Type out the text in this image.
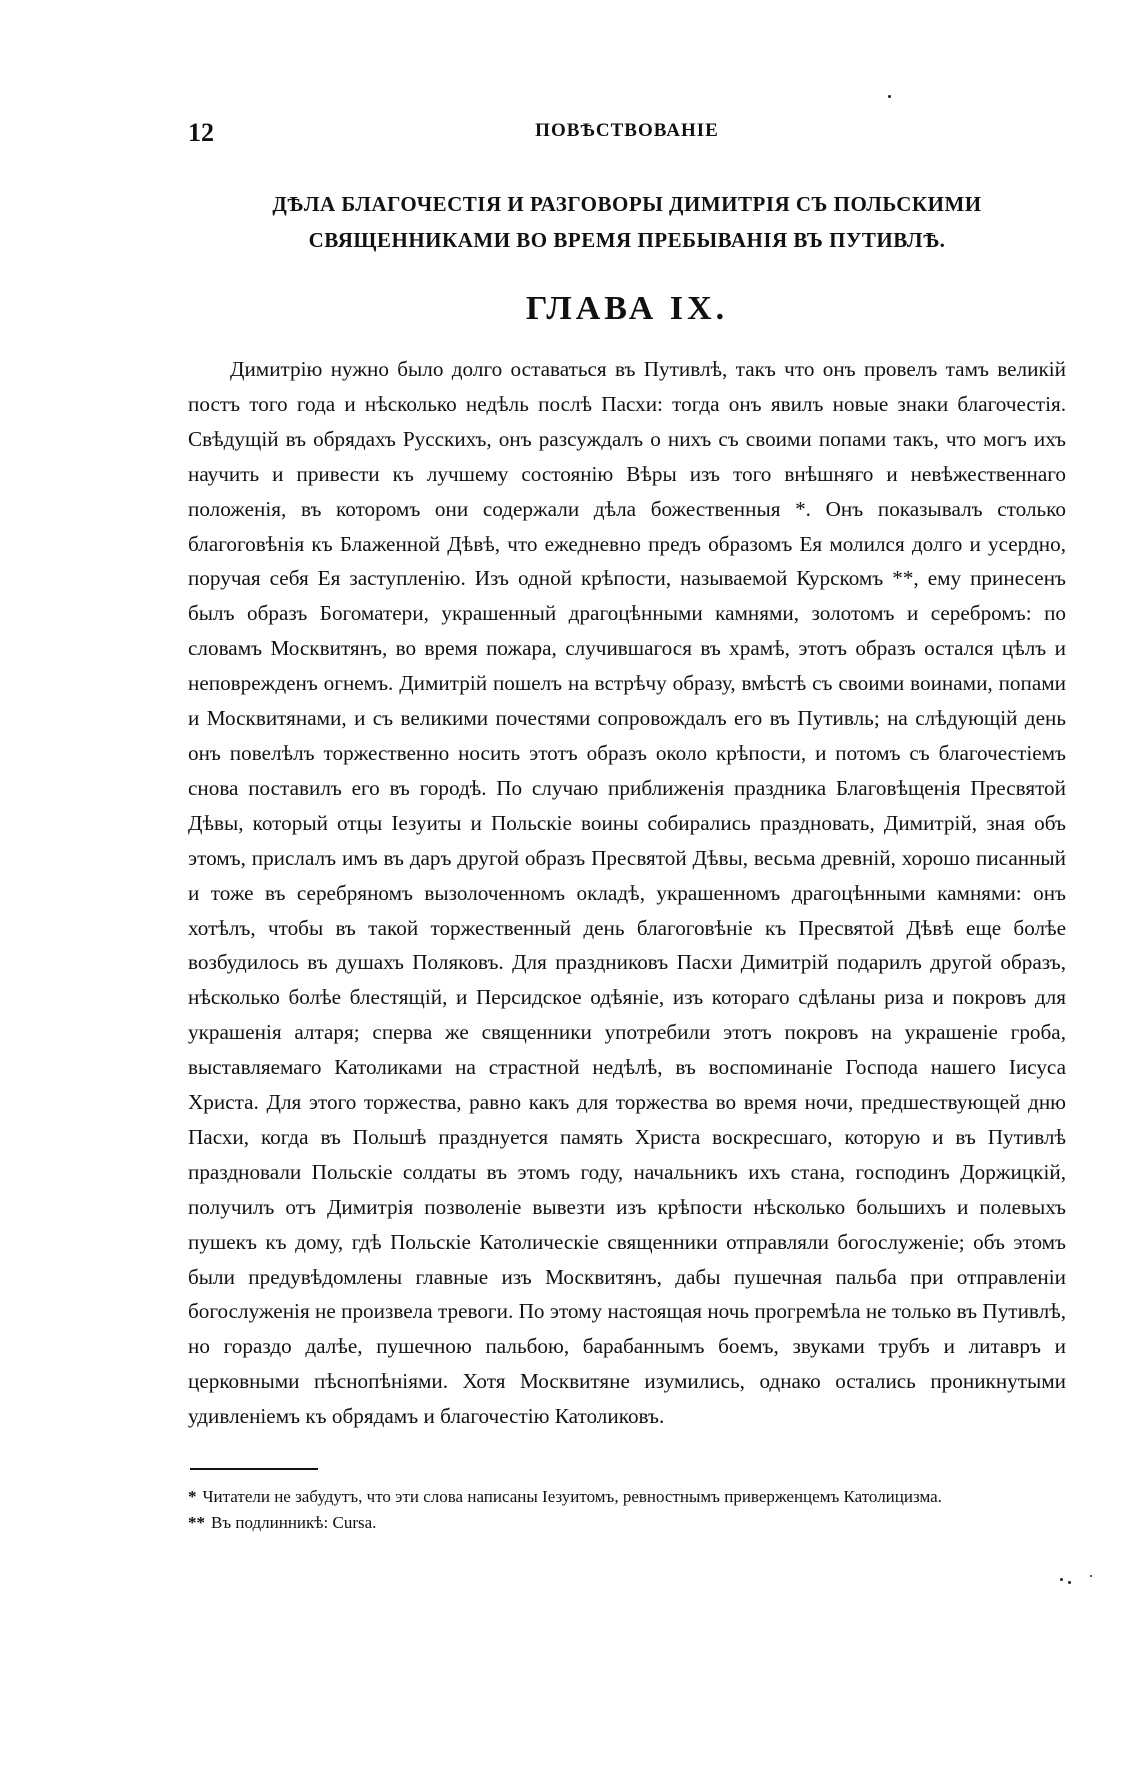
12	ПОВѢСТВОВАНІЕ
ДѢЛА БЛАГОЧЕСТІЯ И РАЗГОВОРЫ ДИМИТРІЯ СЪ ПОЛЬСКИМИ СВЯЩЕННИКАМИ ВО ВРЕМЯ ПРЕБЫВАНІЯ ВЪ ПУТИВЛѢ.
ГЛАВА IX.

Димитрію нужно было долго оставаться въ Путивлѣ, такъ что онъ провелъ тамъ великій постъ того года и нѣсколько недѣль послѣ Пасхи: тогда онъ явилъ новые знаки благочестія. Свѣдущій въ обрядахъ Русскихъ, онъ разсуждалъ о нихъ съ своими попами такъ, что могъ ихъ научить и привести къ лучшему состоянію Вѣры изъ того внѣшняго и невѣжественнаго положенія, въ которомъ они содержали дѣла божественныя *. Онъ показывалъ столько благоговѣнія къ Блаженной Дѣвѣ, что ежедневно предъ образомъ Ея молился долго и усердно, поручая себя Ея заступленію. Изъ одной крѣпости, называемой Курскомъ **, ему принесенъ былъ образъ Богоматери, украшенный драгоцѣнными камнями, золотомъ и серебромъ: по словамъ Москвитянъ, во время пожара, случившагося въ храмѣ, этотъ образъ остался цѣлъ и неповрежденъ огнемъ. Димитрій пошелъ на встрѣчу образу, вмѣстѣ съ своими воинами, попами и Москвитянами, и съ великими почестями сопровождалъ его въ Путивль; на слѣдующій день онъ повелѣлъ торжественно носить этотъ образъ около крѣпости, и потомъ съ благочестіемъ снова поставилъ его въ городѣ. По случаю приближенія праздника Благовѣщенія Пресвятой Дѣвы, который отцы Іезуиты и Польскіе воины собирались праздновать, Димитрій, зная объ этомъ, прислалъ имъ въ даръ другой образъ Пресвятой Дѣвы, весьма древній, хорошо писанный и тоже въ серебряномъ вызолоченномъ окладѣ, украшенномъ драгоцѣнными камнями: онъ хотѣлъ, чтобы въ такой торжественный день благоговѣніе къ Пресвятой Дѣвѣ еще болѣе возбудилось въ душахъ Поляковъ. Для праздниковъ Пасхи Димитрій подарилъ другой образъ, нѣсколько болѣе блестящій, и Персидское одѣяніе, изъ котораго сдѣланы риза и покровъ для украшенія алтаря; сперва же священники употребили этотъ покровъ на украшеніе гроба, выставляемаго Католиками на страстной недѣлѣ, въ воспоминаніе Господа нашего Іисуса Христа. Для этого торжества, равно какъ для торжества во время ночи, предшествующей дню Пасхи, когда въ Польшѣ празднуется память Христа воскресшаго, которую и въ Путивлѣ праздновали Польскіе солдаты въ этомъ году, начальникъ ихъ стана, господинъ Доржицкій, получилъ отъ Димитрія позволеніе вывезти изъ крѣпости нѣсколько большихъ и полевыхъ пушекъ къ дому, гдѣ Польскіе Католическіе священники отправляли богослуженіе; объ этомъ были предувѣдомлены главные изъ Москвитянъ, дабы пушечная пальба при отправленіи богослуженія не произвела тревоги. По этому настоящая ночь прогремѣла не только въ Путивлѣ, но гораздо далѣе, пушечною пальбою, барабаннымъ боемъ, звуками трубъ и литавръ и церковными пѣснопѣніями. Хотя Москвитяне изумились, однако остались проникнутыми удивленіемъ къ обрядамъ и благочестію Католиковъ.

* Читатели не забудутъ, что эти слова написаны Іезуитомъ, ревностнымъ приверженцемъ Католицизма.

** Въ подлинникѣ: Cursa.
